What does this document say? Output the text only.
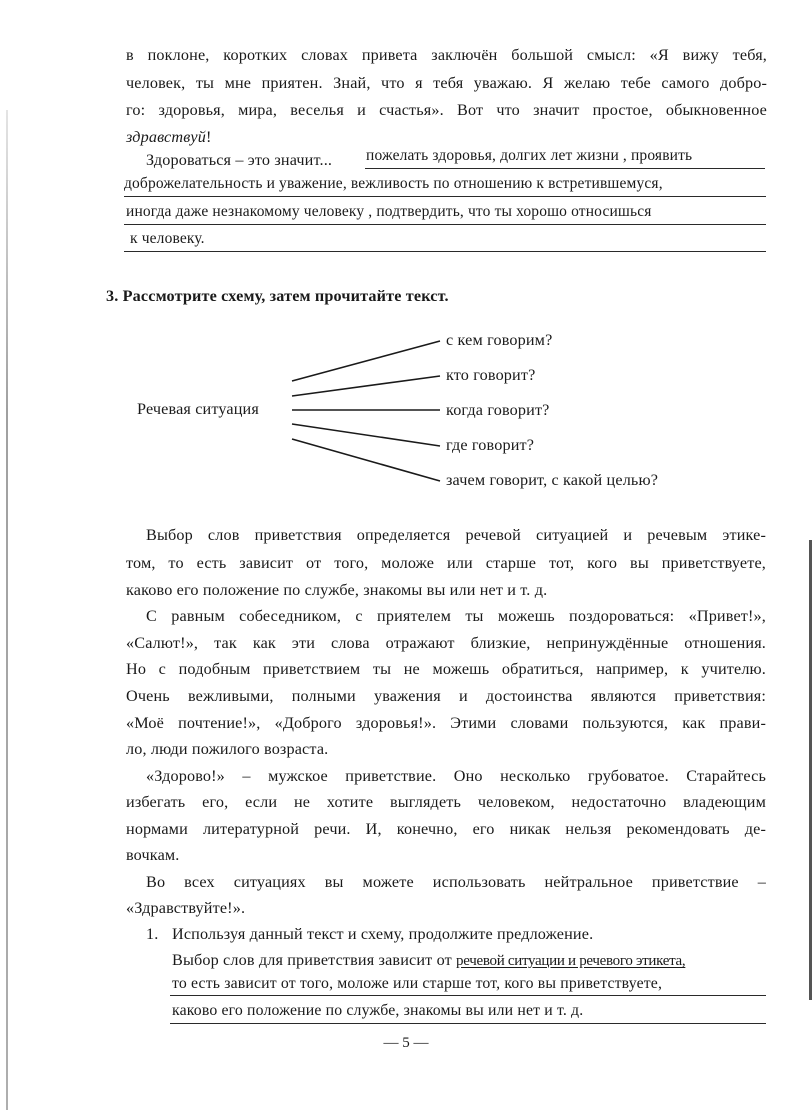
в поклоне, коротких словах привета заключён большой смысл: «Я вижу тебя,
человек, ты мне приятен. Знай, что я тебя уважаю. Я желаю тебе самого добро-
го: здоровья, мира, веселья и счастья». Вот что значит простое, обыкновенное
здравствуй!
Здороваться – это значит... пожелать здоровья, долгих лет жизни , проявить
доброжелательность и уважение, вежливость по отношению к встретившемуся,
иногда даже незнакомому человеку , подтвердить, что ты хорошо относишься
к человеку.
3. Рассмотрите схему, затем прочитайте текст.
Речевая ситуация
с кем говорим?
кто говорит?
когда говорит?
где говорит?
зачем говорит, с какой целью?
Выбор слов приветствия определяется речевой ситуацией и речевым этике-
том, то есть зависит от того, моложе или старше тот, кого вы приветствуете,
каково его положение по службе, знакомы вы или нет и т. д.
С равным собеседником, с приятелем ты можешь поздороваться: «Привет!»,
«Салют!», так как эти слова отражают близкие, непринуждённые отношения.
Но с подобным приветствием ты не можешь обратиться, например, к учителю.
Очень вежливыми, полными уважения и достоинства являются приветствия:
«Моё почтение!», «Доброго здоровья!». Этими словами пользуются, как прави-
ло, люди пожилого возраста.
«Здорово!» – мужское приветствие. Оно несколько грубоватое. Старайтесь
избегать его, если не хотите выглядеть человеком, недостаточно владеющим
нормами литературной речи. И, конечно, его никак нельзя рекомендовать де-
вочкам.
Во всех ситуациях вы можете использовать нейтральное приветствие –
«Здравствуйте!».
1. Используя данный текст и схему, продолжите предложение.
Выбор слов для приветствия зависит от речевой ситуации и речевого этикета,
то есть зависит от того, моложе или старше тот, кого вы приветствуете,
каково его положение по службе, знакомы вы или нет и т. д.
— 5 —
